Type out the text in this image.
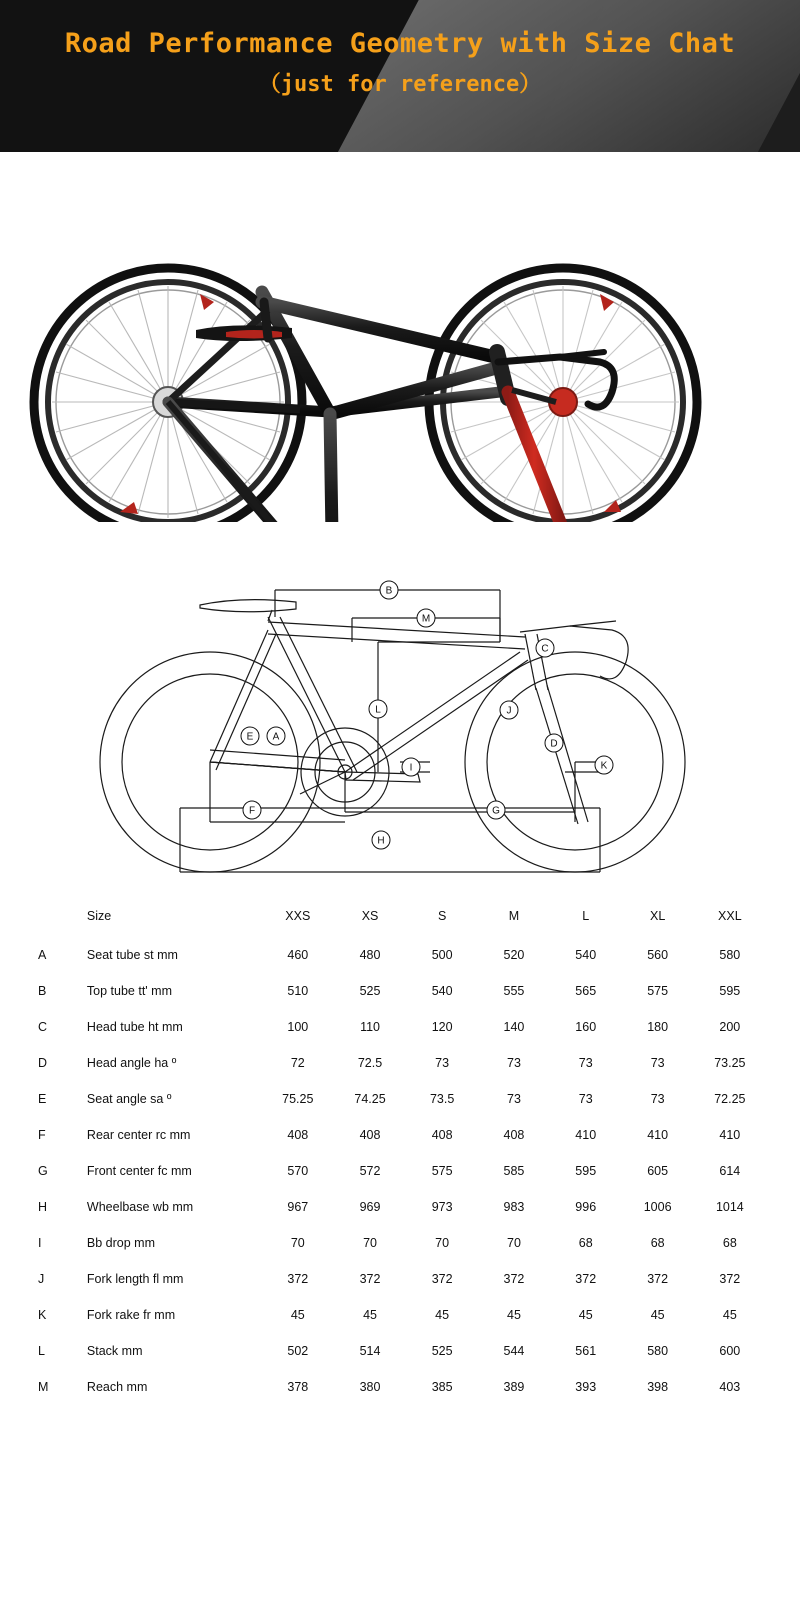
Road Performance Geometry with Size Chat
（just for reference）
B
M
C
J
L
D
A
E
F	G
H
I	K
	Size	XXS	XS	S	M	L	XL	XXL
A	Seat tube st mm	460	480	500	520	540	560	580
B	Top tube tt' mm	510	525	540	555	565	575	595
C	Head tube ht mm	100	110	120	140	160	180	200
D	Head angle ha º	72	72.5	73	73	73	73	73.25
E	Seat angle sa º	75.25	74.25	73.5	73	73	73	72.25
F	Rear center rc mm	408	408	408	408	410	410	410
G	Front center fc mm	570	572	575	585	595	605	614
H	Wheelbase wb mm	967	969	973	983	996	1006	1014
I	Bb drop mm	70	70	70	70	68	68	68
J	Fork length fl mm	372	372	372	372	372	372	372
K	Fork rake fr mm	45	45	45	45	45	45	45
L	Stack mm	502	514	525	544	561	580	600
M	Reach mm	378	380	385	389	393	398	403
